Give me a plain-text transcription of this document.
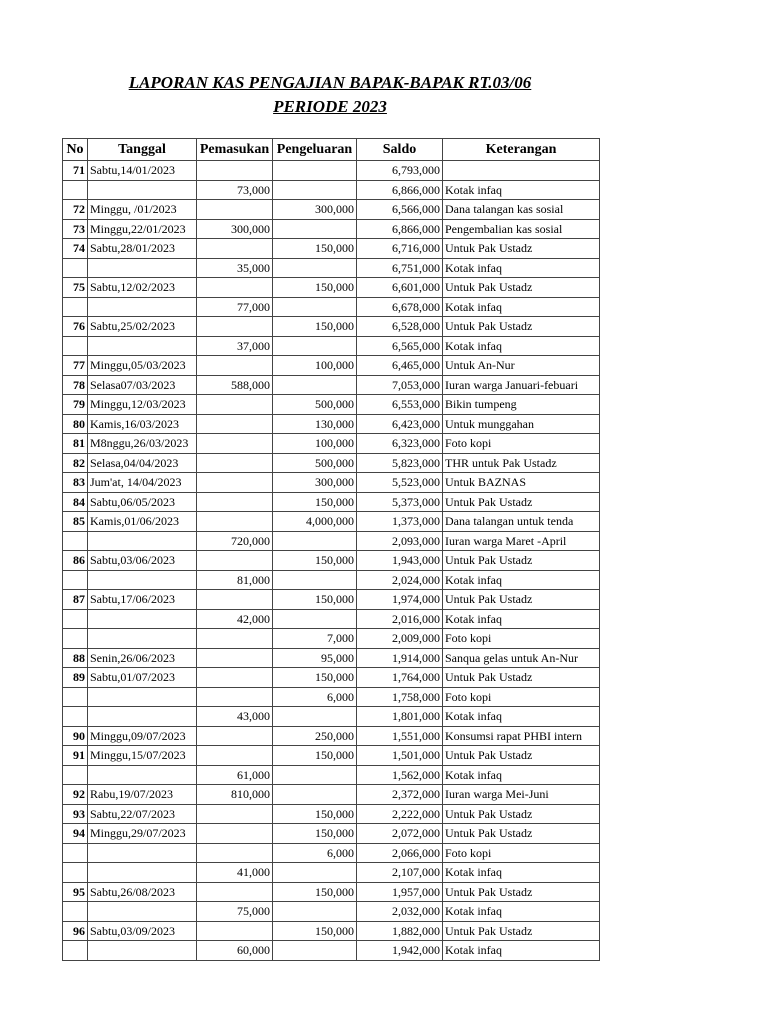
LAPORAN KAS PENGAJIAN BAPAK-BAPAK RT.03/06
PERIODE 2023
No	Tanggal	Pemasukan	Pengeluaran	Saldo	Keterangan
71	Sabtu,14/01/2023			6,793,000	
		73,000		6,866,000	Kotak infaq
72	Minggu, /01/2023		300,000	6,566,000	Dana talangan kas sosial
73	Minggu,22/01/2023	300,000		6,866,000	Pengembalian kas sosial
74	Sabtu,28/01/2023		150,000	6,716,000	Untuk Pak Ustadz
		35,000		6,751,000	Kotak infaq
75	Sabtu,12/02/2023		150,000	6,601,000	Untuk Pak Ustadz
		77,000		6,678,000	Kotak infaq
76	Sabtu,25/02/2023		150,000	6,528,000	Untuk Pak Ustadz
		37,000		6,565,000	Kotak infaq
77	Minggu,05/03/2023		100,000	6,465,000	Untuk An-Nur
78	Selasa07/03/2023	588,000		7,053,000	Iuran warga Januari-febuari
79	Minggu,12/03/2023		500,000	6,553,000	Bikin tumpeng
80	Kamis,16/03/2023		130,000	6,423,000	Untuk munggahan
81	M8nggu,26/03/2023		100,000	6,323,000	Foto kopi
82	Selasa,04/04/2023		500,000	5,823,000	THR untuk Pak Ustadz
83	Jum'at, 14/04/2023		300,000	5,523,000	Untuk BAZNAS
84	Sabtu,06/05/2023		150,000	5,373,000	Untuk Pak Ustadz
85	Kamis,01/06/2023		4,000,000	1,373,000	Dana talangan untuk tenda
		720,000		2,093,000	Iuran warga Maret -April
86	Sabtu,03/06/2023		150,000	1,943,000	Untuk Pak Ustadz
		81,000		2,024,000	Kotak infaq
87	Sabtu,17/06/2023		150,000	1,974,000	Untuk Pak Ustadz
		42,000		2,016,000	Kotak infaq
			7,000	2,009,000	Foto kopi
88	Senin,26/06/2023		95,000	1,914,000	Sanqua gelas untuk An-Nur
89	Sabtu,01/07/2023		150,000	1,764,000	Untuk Pak Ustadz
			6,000	1,758,000	Foto kopi
		43,000		1,801,000	Kotak infaq
90	Minggu,09/07/2023		250,000	1,551,000	Konsumsi rapat PHBI intern
91	Minggu,15/07/2023		150,000	1,501,000	Untuk Pak Ustadz
		61,000		1,562,000	Kotak infaq
92	Rabu,19/07/2023	810,000		2,372,000	Iuran warga Mei-Juni
93	Sabtu,22/07/2023		150,000	2,222,000	Untuk Pak Ustadz
94	Minggu,29/07/2023		150,000	2,072,000	Untuk Pak Ustadz
			6,000	2,066,000	Foto kopi
		41,000		2,107,000	Kotak infaq
95	Sabtu,26/08/2023		150,000	1,957,000	Untuk Pak Ustadz
		75,000		2,032,000	Kotak infaq
96	Sabtu,03/09/2023		150,000	1,882,000	Untuk Pak Ustadz
		60,000		1,942,000	Kotak infaq
